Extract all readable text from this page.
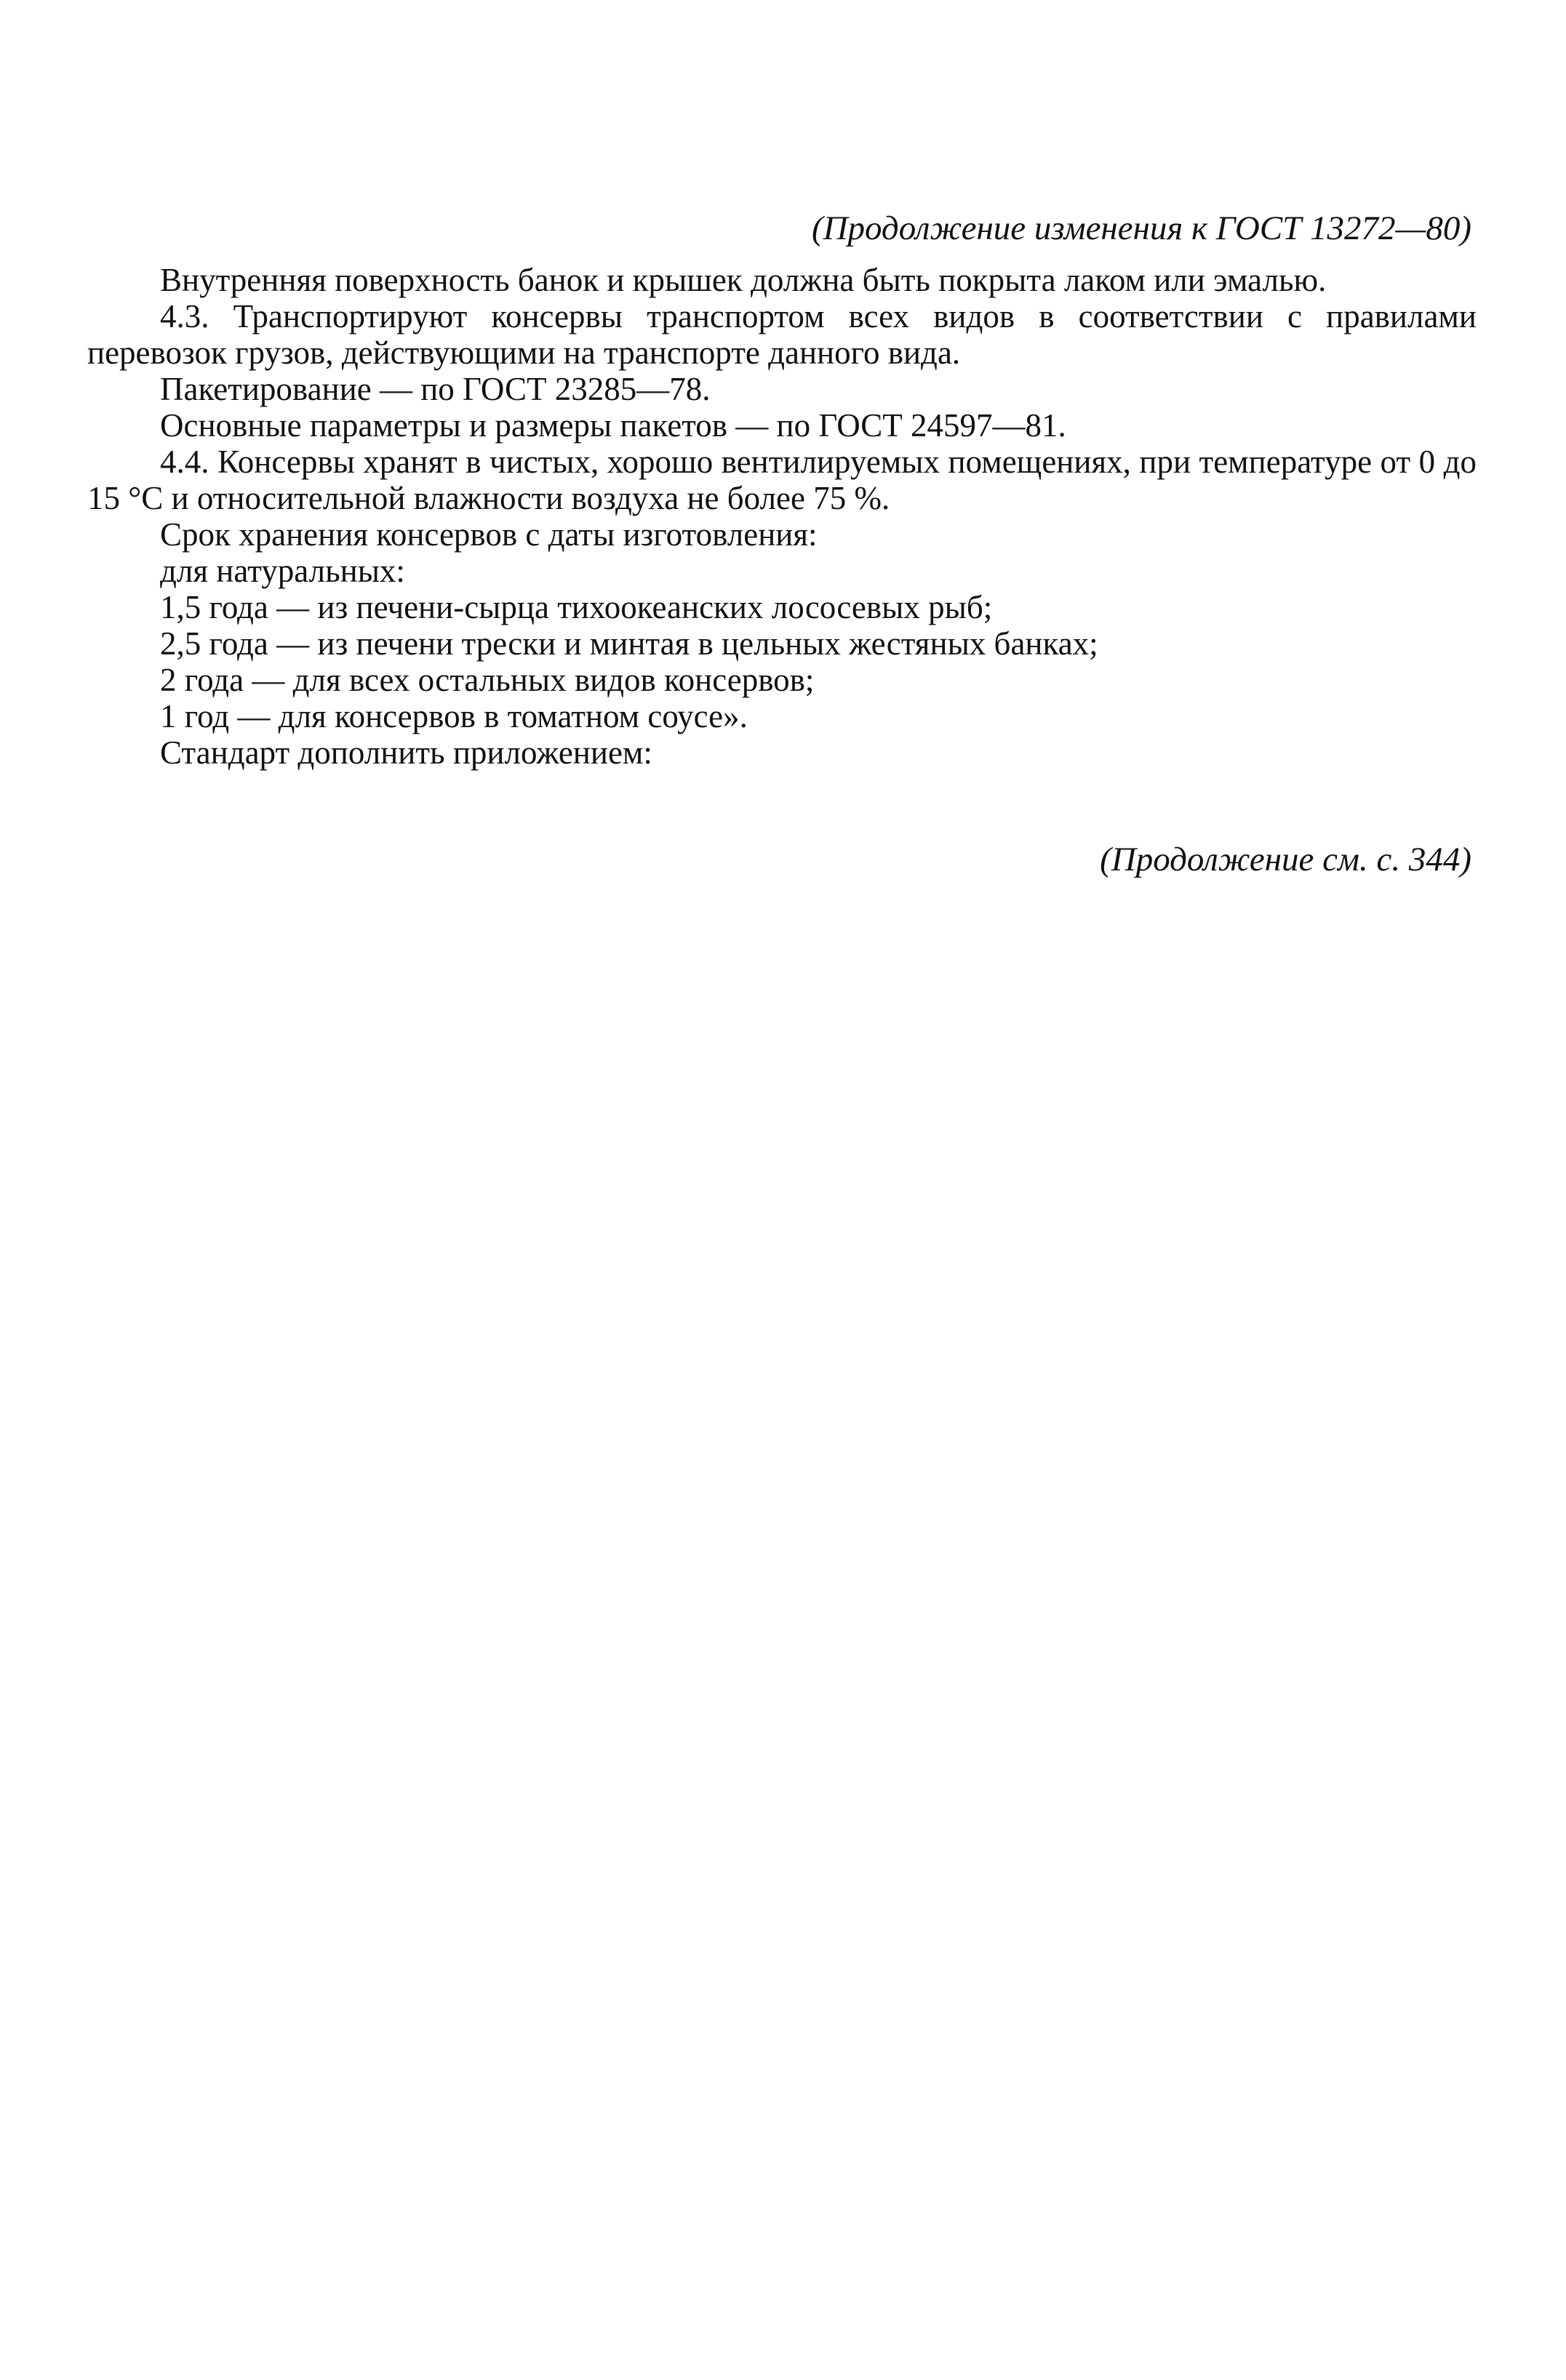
(Продолжение изменения к ГОСТ 13272—80)

Внутренняя поверхность банок и крышек должна быть покрыта лаком или эмалью.

4.3. Транспортируют консервы транспортом всех видов в соответствии с правилами перевозок грузов, действующими на транспорте данного вида.

Пакетирование — по ГОСТ 23285—78.

Основные параметры и размеры пакетов — по ГОСТ 24597—81.

4.4. Консервы хранят в чистых, хорошо вентилируемых помещениях, при температуре от 0 до 15 °С и относительной влажности воздуха не более 75 %.

Срок хранения консервов с даты изготовления:

для натуральных:

1,5 года — из печени-сырца тихоокеанских лососевых рыб;

2,5 года — из печени трески и минтая в цельных жестяных банках;

2 года — для всех остальных видов консервов;

1 год — для консервов в томатном соусе».

Стандарт дополнить приложением:

(Продолжение см. с. 344)
